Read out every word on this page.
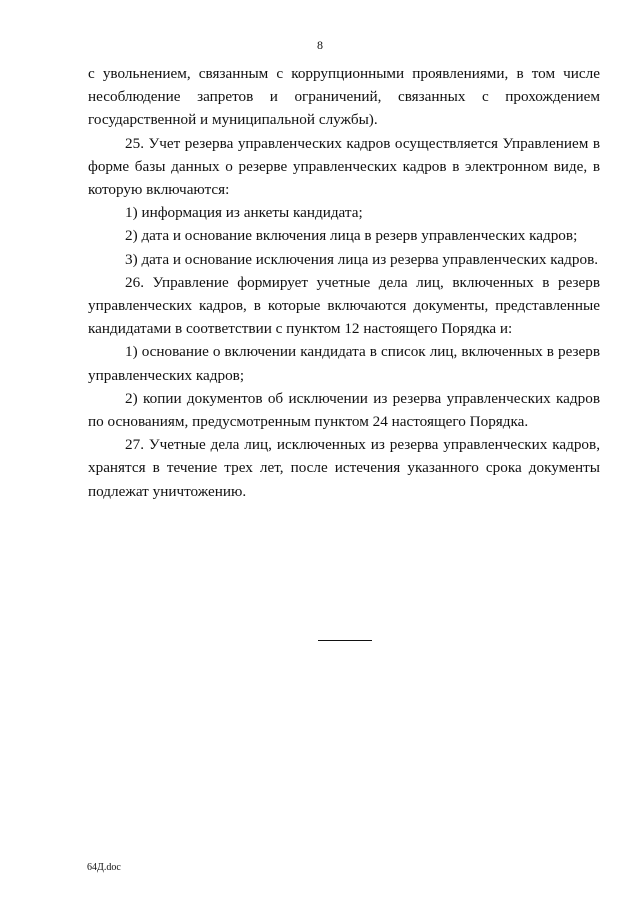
8

с увольнением, связанным с коррупционными проявлениями, в том числе несоблюдение запретов и ограничений, связанных с прохождением государственной и муниципальной службы).

25. Учет резерва управленческих кадров осуществляется Управлением в форме базы данных о резерве управленческих кадров в электронном виде, в которую включаются:

1) информация из анкеты кандидата;

2) дата и основание включения лица в резерв управленческих кадров;

3) дата и основание исключения лица из резерва управленческих кадров.

26. Управление формирует учетные дела лиц, включенных в резерв управленческих кадров, в которые включаются документы, представленные кандидатами в соответствии с пунктом 12 настоящего Порядка и:

1) основание о включении кандидата в список лиц, включенных в резерв управленческих кадров;

2) копии документов об исключении из резерва управленческих кадров по основаниям, предусмотренным пунктом 24 настоящего Порядка.

27. Учетные дела лиц, исключенных из резерва управленческих кадров, хранятся в течение трех лет, после истечения указанного срока документы подлежат уничтожению.

64Д.doc
